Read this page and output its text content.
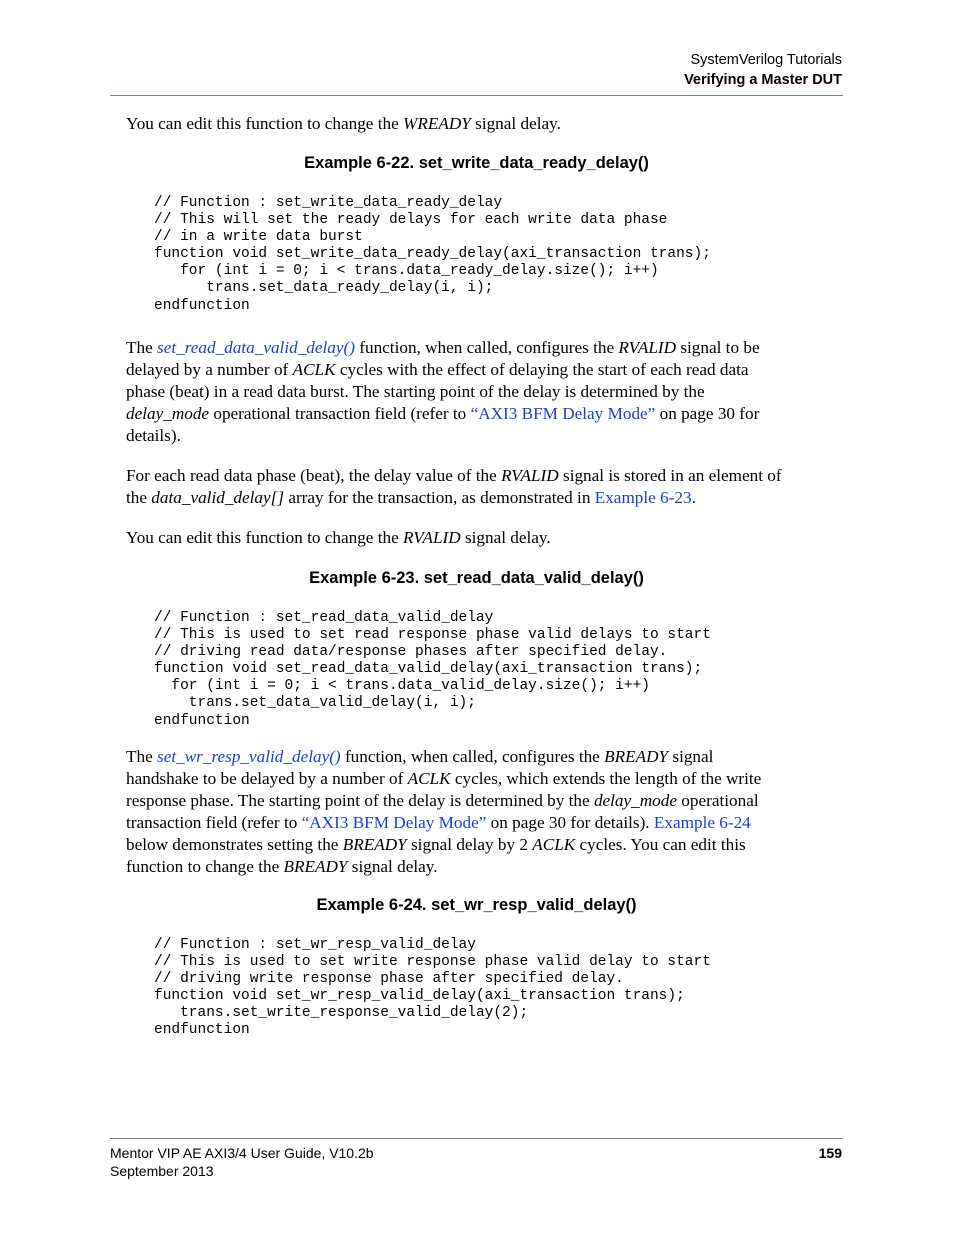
SystemVerilog Tutorials
Verifying a Master DUT
You can edit this function to change the WREADY signal delay.
Example 6-22. set_write_data_ready_delay()
// Function : set_write_data_ready_delay
// This will set the ready delays for each write data phase
// in a write data burst
function void set_write_data_ready_delay(axi_transaction trans);
for (int i = 0; i < trans.data_ready_delay.size(); i++)
trans.set_data_ready_delay(i, i);
endfunction
The set_read_data_valid_delay() function, when called, configures the RVALID signal to be
delayed by a number of ACLK cycles with the effect of delaying the start of each read data
phase (beat) in a read data burst. The starting point of the delay is determined by the
delay_mode operational transaction field (refer to “AXI3 BFM Delay Mode” on page 30 for
details).
For each read data phase (beat), the delay value of the RVALID signal is stored in an element of
the data_valid_delay[] array for the transaction, as demonstrated in Example 6-23.
You can edit this function to change the RVALID signal delay.
Example 6-23. set_read_data_valid_delay()
// Function : set_read_data_valid_delay
// This is used to set read response phase valid delays to start
// driving read data/response phases after specified delay.
function void set_read_data_valid_delay(axi_transaction trans);
for (int i = 0; i < trans.data_valid_delay.size(); i++)
trans.set_data_valid_delay(i, i);
endfunction
The set_wr_resp_valid_delay() function, when called, configures the BREADY signal
handshake to be delayed by a number of ACLK cycles, which extends the length of the write
response phase. The starting point of the delay is determined by the delay_mode operational
transaction field (refer to “AXI3 BFM Delay Mode” on page 30 for details). Example 6-24
below demonstrates setting the BREADY signal delay by 2 ACLK cycles. You can edit this
function to change the BREADY signal delay.
Example 6-24. set_wr_resp_valid_delay()
// Function : set_wr_resp_valid_delay
// This is used to set write response phase valid delay to start
// driving write response phase after specified delay.
function void set_wr_resp_valid_delay(axi_transaction trans);
trans.set_write_response_valid_delay(2);
endfunction
Mentor VIP AE AXI3/4 User Guide, V10.2b
September 2013
159
